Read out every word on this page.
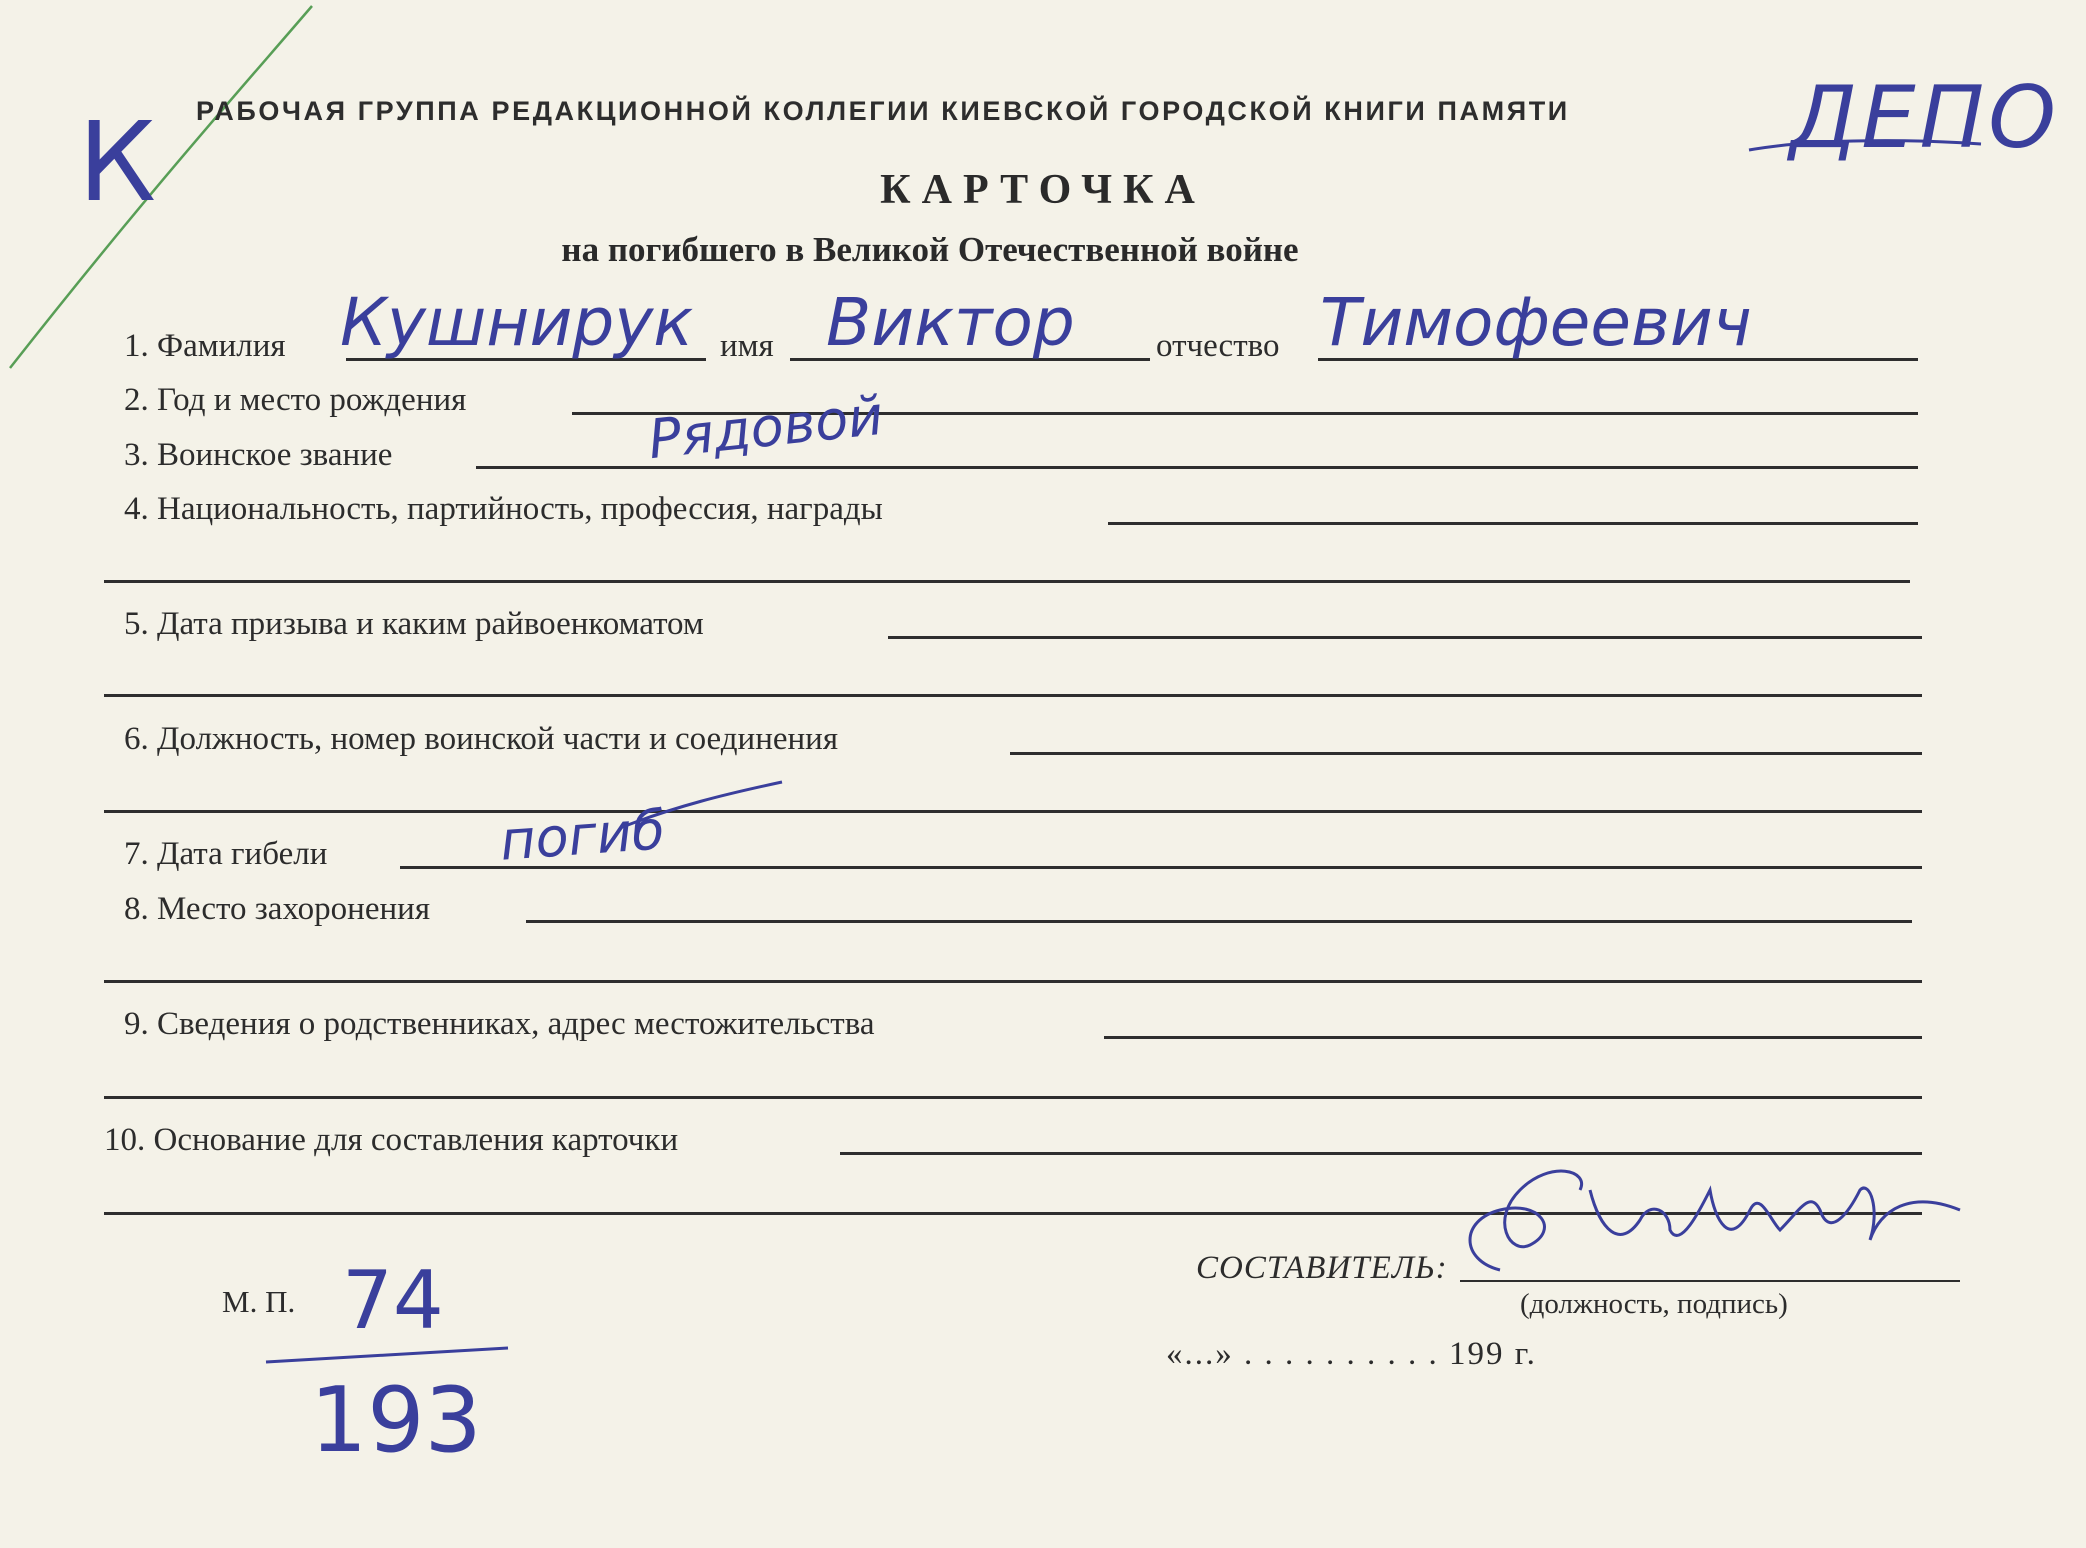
К РАБОЧАЯ ГРУППА РЕДАКЦИОННОЙ КОЛЛЕГИИ КИЕВСКОЙ ГОРОДСКОЙ КНИГИ ПАМЯТИ	ДЕПО
КАРТОЧКА
на погибшего в Великой Отечественной войне
1. Фамилия Кушнирук имя Виктор отчество Тимофеевич
2. Год и место рождения
3. Воинское звание	Рядовой
4. Национальность, партийность, профессия, награды
5. Дата призыва и каким райвоенкоматом
6. Должность, номер воинской части и соединения
7. Дата гибели	погиб
8. Место захоронения
9. Сведения о родственниках, адрес местожительства
10. Основание для составления карточки
М. П. 74
193
СОСТАВИТЕЛЬ:
(должность, подпись)
«...» . . . . . . . . . . 199 г.
